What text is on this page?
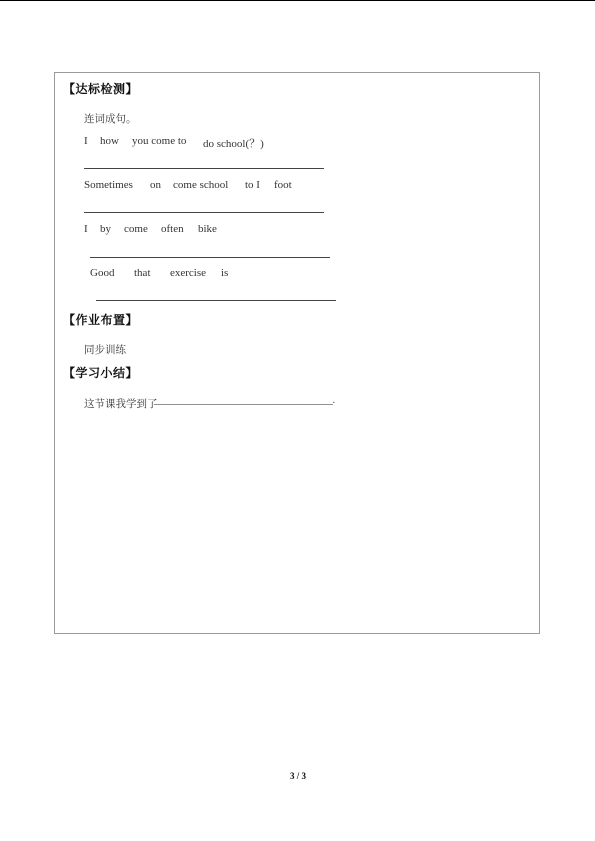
【达标检测】
连词成句。
I how you come to do school(？)
Sometimes on come school to I foot
I by come often bike
Good that exercise is
【作业布置】
同步训练
【学习小结】
这节课我学到了
______________________________________.
3 / 3
